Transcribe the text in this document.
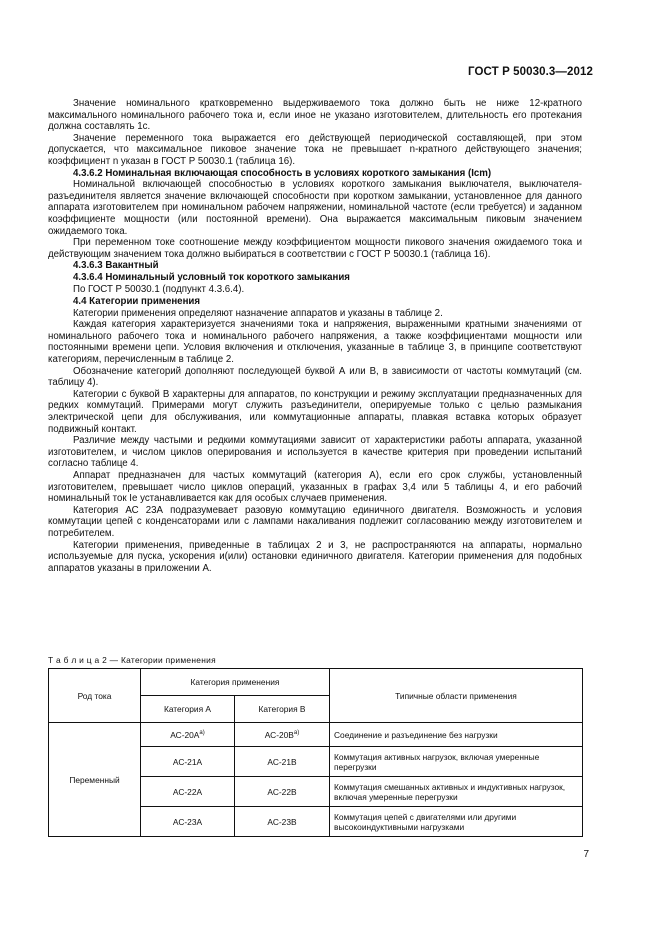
ГОСТ Р 50030.3—2012

Значение номинального кратковременно выдерживаемого тока должно быть не ниже 12-кратного максимального номинального рабочего тока и, если иное не указано изготовителем, длительность его протекания должна составлять 1с.

Значение переменного тока выражается его действующей периодической составляющей, при этом допускается, что максимальное пиковое значение тока не превышает n-кратного действующего значения; коэффициент n указан в ГОСТ Р 50030.1 (таблица 16).

4.3.6.2 Номинальная включающая способность в условиях короткого замыкания (Icm)

Номинальной включающей способностью в условиях короткого замыкания выключателя, выключателя-разъединителя является значение включающей способности при коротком замыкании, установленное для данного аппарата изготовителем при номинальном рабочем напряжении, номинальной частоте (если требуется) и заданном коэффициенте мощности (или постоянной времени). Она выражается максимальным пиковым значением ожидаемого тока.

При переменном токе соотношение между коэффициентом мощности пикового значения ожидаемого тока и действующим значением тока должно выбираться в соответствии с ГОСТ Р 50030.1 (таблица 16).

4.3.6.3 Вакантный

4.3.6.4 Номинальный условный ток короткого замыкания

По ГОСТ Р 50030.1 (подпункт 4.3.6.4).

4.4 Категории применения

Категории применения определяют назначение аппаратов и указаны в таблице 2.

Каждая категория характеризуется значениями тока и напряжения, выраженными кратными значениями от номинального рабочего тока и номинального рабочего напряжения, а также коэффициентами мощности или постоянными времени цепи. Условия включения и отключения, указанные в таблице 3, в принципе соответствуют категориям, перечисленным в таблице 2.

Обозначение категорий дополняют последующей буквой А или В, в зависимости от частоты коммутаций (см. таблицу 4).

Категории с буквой В характерны для аппаратов, по конструкции и режиму эксплуатации предназначенных для редких коммутаций. Примерами могут служить разъединители, оперируемые только с целью размыкания электрической цепи для обслуживания, или коммутационные аппараты, плавкая вставка которых образует подвижный контакт.

Различие между частыми и редкими коммутациями зависит от характеристики работы аппарата, указанной изготовителем, и числом циклов оперирования и используется в качестве критерия при проведении испытаний согласно таблице 4.

Аппарат предназначен для частых коммутаций (категория А), если его срок службы, установленный изготовителем, превышает число циклов операций, указанных в графах 3,4 или 5 таблицы 4, и его рабочий номинальный ток Ie устанавливается как для особых случаев применения.

Категория АС 23А подразумевает разовую коммутацию единичного двигателя. Возможность и условия коммутации цепей с конденсаторами или с лампами накаливания подлежит согласованию между изготовителем и потребителем.

Категории применения, приведенные в таблицах 2 и 3, не распространяются на аппараты, нормально используемые для пуска, ускорения и(или) остановки единичного двигателя. Категории применения для подобных аппаратов указаны в приложении А.

Т а б л и ц а 2 — Категории применения
Род тока	Категория применения		Типичные области применения
	Категория А	Категория В	
Переменный	$АС-20А^{а)}$	$АС-20В^{а)}$	Соединение и разъединение без нагрузки
	АС-21А	АС-21В	Коммутация активных нагрузок, включая умеренные перегрузки
	АС-22А	АС-22В	Коммутация смешанных активных и индуктивных нагрузок, включая умеренные перегрузки
	АС-23А	АС-23В	Коммутация цепей с двигателями или другими высокоиндуктивными нагрузками
7
